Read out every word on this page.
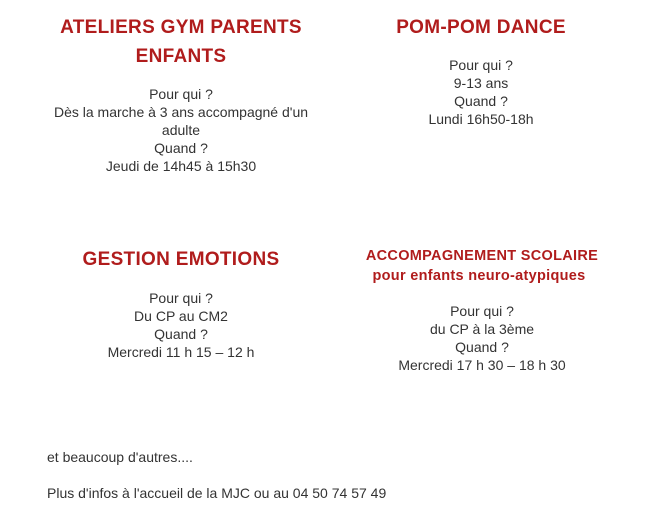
ATELIERS GYM PARENTS
ENFANTS
Pour qui ?
Dès la marche à 3 ans accompagné d'un
adulte
Quand ?
Jeudi de 14h45 à 15h30
POM-POM DANCE
Pour qui ?
9-13 ans
Quand ?
Lundi 16h50-18h
GESTION EMOTIONS
Pour qui ?
Du CP au CM2
Quand ?
Mercredi 11 h 15 – 12 h
ACCOMPAGNEMENT SCOLAIRE
pour enfants neuro-atypiques
Pour qui ?
du CP à la 3ème
Quand ?
Mercredi 17 h 30 – 18 h 30
et beaucoup d'autres....
Plus d'infos à l'accueil de la MJC ou au 04 50 74 57 49
